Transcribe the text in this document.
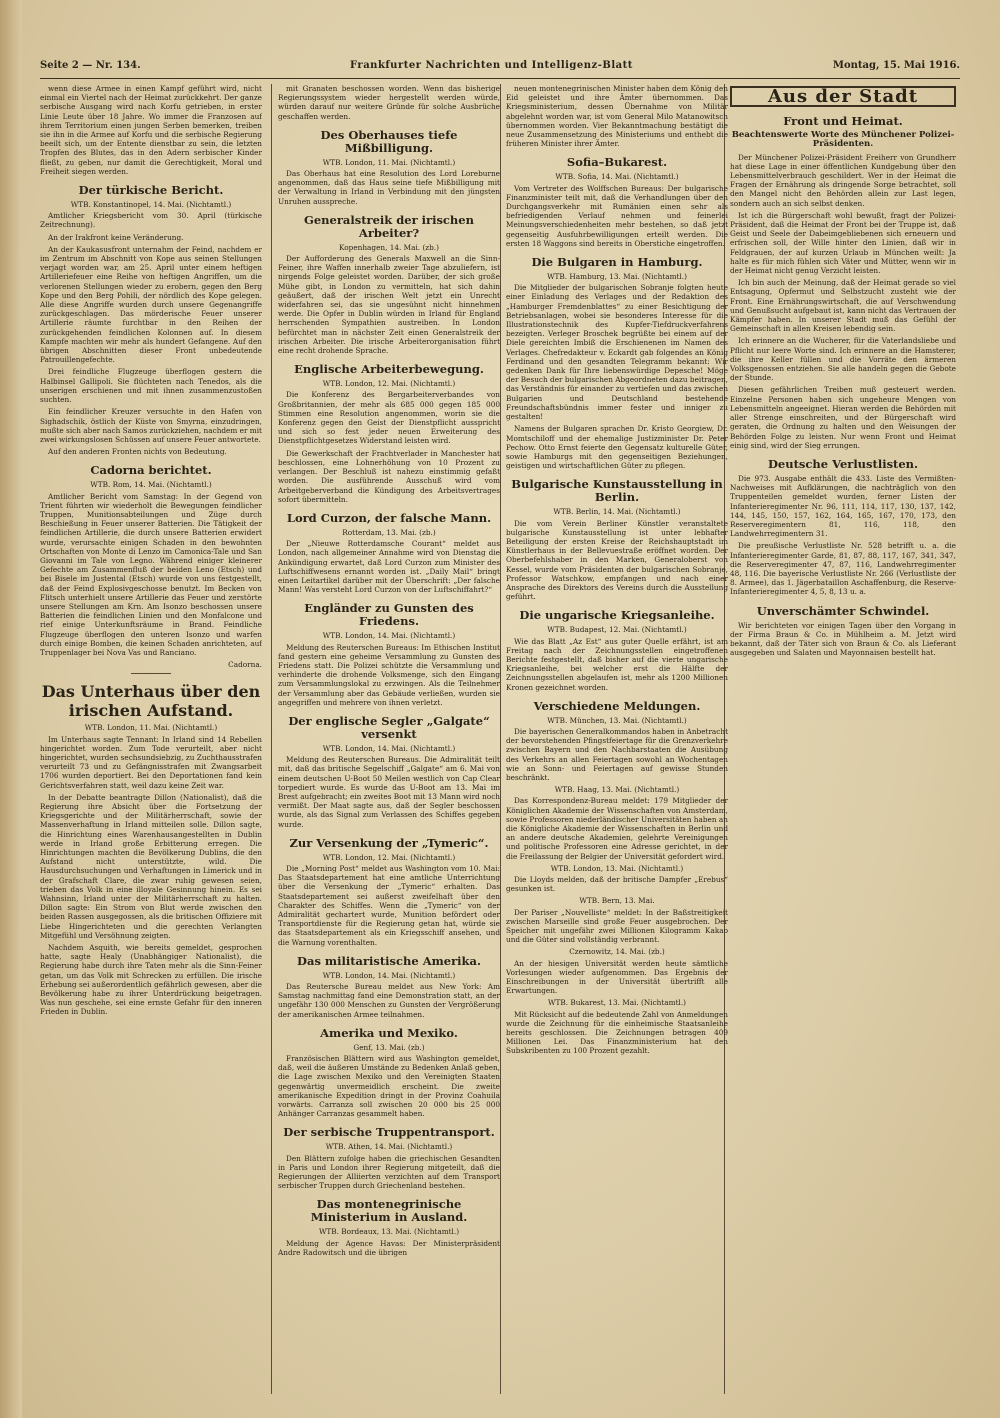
Seite 2 — Nr. 134.	Frankfurter Nachrichten und Intelligenz-Blatt	Montag, 15. Mai 1916.

wenn diese Armee in einen Kampf geführt wird, nicht einmal ein Viertel nach der Heimat zurückkehrt. Der ganze serbische Ausgang wird nach Korfu getrieben, in erster Linie Leute über 18 Jahre. Wo immer die Franzosen auf ihrem Territorium einen jungen Serben bemerken, treiben sie ihn in die Armee auf Korfu und die serbische Regierung beeilt sich, um der Entente dienstbar zu sein, die letzten Tropfen des Blutes, das in den Adern serbischer Kinder fließt, zu geben, nur damit die Gerechtigkeit, Moral und Freiheit siegen werden.

Der türkische Bericht.
WTB. Konstantinopel, 14. Mai. (Nichtamtl.)

Amtlicher Kriegsbericht vom 30. April (türkische Zeitrechnung).

An der Irakfront keine Veränderung.

An der Kaukasusfront unternahm der Feind, nachdem er im Zentrum im Abschnitt von Kope aus seinen Stellungen verjagt worden war, am 25. April unter einem heftigen Artilleriefeuer eine Reihe von heftigen Angriffen, um die verlorenen Stellungen wieder zu erobern, gegen den Berg Kope und den Berg Pohili, der nördlich des Kope gelegen. Alle diese Angriffe wurden durch unsere Gegenangriffe zurückgeschlagen. Das mörderische Feuer unserer Artillerie räumte furchtbar in den Reihen der zurückgehenden feindlichen Kolonnen auf. In diesem Kampfe machten wir mehr als hundert Gefangene. Auf den übrigen Abschnitten dieser Front unbedeutende Patrouillengefechte.

Drei feindliche Flugzeuge überflogen gestern die Halbinsel Gallipoli. Sie flüchteten nach Tenedos, als die unserigen erschienen und mit ihnen zusammenzustoßen suchten.

Ein feindlicher Kreuzer versuchte in den Hafen von Sighadschik, östlich der Küste von Smyrna, einzudringen, mußte sich aber nach Samos zurückziehen, nachdem er mit zwei wirkungslosen Schüssen auf unsere Feuer antwortete.

Auf den anderen Fronten nichts von Bedeutung.

Cadorna berichtet.
WTB. Rom, 14. Mai. (Nichtamtl.)

Amtlicher Bericht vom Samstag: In der Gegend von Trient führten wir wiederholt die Bewegungen feindlicher Truppen, Munitionsabteilungen und Züge durch Beschießung in Feuer unserer Batterien. Die Tätigkeit der feindlichen Artillerie, die durch unsere Batterien erwidert wurde, verursachte einigen Schaden in den bewohnten Ortschaften von Monte di Lenzo im Camonica-Tale und San Giovanni im Tale von Legno. Während einiger kleinerer Gefechte am Zusammenfluß der beiden Leno (Etsch) und bei Bisele im Justental (Etsch) wurde von uns festgestellt, daß der Feind Explosivgeschosse benutzt. Im Becken von Flitsch unterhielt unsere Artillerie das Feuer und zerstörte unsere Stellungen am Krn. Am Isonzo beschossen unsere Batterien die feindlichen Linien und den Monfalcone und rief einige Unterkunftsräume in Brand. Feindliche Flugzeuge überflogen den unteren Isonzo und warfen durch einige Bomben, die keinen Schaden anrichteten, auf Truppenlager bei Nova Vas und Ranciano.

Cadorna.

Das Unterhaus über den irischen Aufstand.
WTB. London, 11. Mai. (Nichtamtl.)

Im Unterhaus sagte Tennant: In Irland sind 14 Rebellen hingerichtet worden. Zum Tode verurteilt, aber nicht hingerichtet, wurden sechsundsiebzig, zu Zuchthausstrafen verurteilt 73 und zu Gefängnisstrafen mit Zwangsarbeit 1706 wurden deportiert. Bei den Deportationen fand kein Gerichtsverfahren statt, weil dazu keine Zeit war.

In der Debatte beantragte Dillon (Nationalist), daß die Regierung ihre Absicht über die Fortsetzung der Kriegsgerichte und der Militärherrschaft, sowie der Massenverhaftung in Irland mitteilen solle. Dillon sagte, die Hinrichtung eines Warenhausangestellten in Dublin werde in Irland große Erbitterung erregen. Die Hinrichtungen machten die Bevölkerung Dublins, die den Aufstand nicht unterstützte, wild. Die Hausdurchsuchungen und Verhaftungen in Limerick und in der Grafschaft Clare, die zwar ruhig gewesen seien, trieben das Volk in eine illoyale Gesinnung hinein. Es sei Wahnsinn, Irland unter der Militärherrschaft zu halten. Dillon sagte: Ein Strom von Blut werde zwischen den beiden Rassen ausgegossen, als die britischen Offiziere mit Liebe Hingerichteten und die gerechten Verlangten Mitgefühl und Versöhnung zeigten.

Nachdem Asquith, wie bereits gemeldet, gesprochen hatte, sagte Healy (Unabhängiger Nationalist), die Regierung habe durch ihre Taten mehr als die Sinn-Feiner getan, um das Volk mit Schrecken zu erfüllen. Die irische Erhebung sei außerordentlich gefährlich gewesen, aber die Bevölkerung habe zu ihrer Unterdrückung beigetragen. Was nun geschehe, sei eine ernste Gefahr für den inneren Frieden in Dublin.

mit Granaten beschossen worden. Wenn das bisherige Regierungssystem wieder hergestellt werden würde, würden darauf nur weitere Gründe für solche Ausbrüche geschaffen werden.

Des Oberhauses tiefe Mißbilligung.
WTB. London, 11. Mai. (Nichtamtl.)

Das Oberhaus hat eine Resolution des Lord Loreburne angenommen, daß das Haus seine tiefe Mißbilligung mit der Verwaltung in Irland in Verbindung mit den jüngsten Unruhen ausspreche.

Generalstreik der irischen Arbeiter?
Kopenhagen, 14. Mai. (zb.)

Der Aufforderung des Generals Maxwell an die Sinn-Feiner, ihre Waffen innerhalb zweier Tage abzuliefern, ist nirgends Folge geleistet worden. Darüber, der sich große Mühe gibt, in London zu vermitteln, hat sich dahin geäußert, daß der irischen Welt jetzt ein Unrecht widerfahren sei, das sie ungesühnt nicht hinnehmen werde. Die Opfer in Dublin würden in Irland für England herrschenden Sympathien austreiben. In London befürchtet man in nächster Zeit einen Generalstreik der irischen Arbeiter. Die irische Arbeiterorganisation führt eine recht drohende Sprache.

Englische Arbeiterbewegung.
WTB. London, 12. Mai. (Nichtamtl.)

Die Konferenz des Bergarbeiterverbandes von Großbritannien, der mehr als 685 000 gegen 185 000 Stimmen eine Resolution angenommen, worin sie die Konferenz gegen den Geist der Dienstpflicht ausspricht und sich so fest jeder neuen Erweiterung des Dienstpflichtgesetzes Widerstand leisten wird.

Die Gewerkschaft der Frachtverlader in Manchester hat beschlossen, eine Lohnerhöhung von 10 Prozent zu verlangen. Der Beschluß ist nahezu einstimmig gefaßt worden. Die ausführende Ausschuß wird vom Arbeitgeberverband die Kündigung des Arbeitsvertrages sofort übermitteln.

Lord Curzon, der falsche Mann.
Rotterdam, 13. Mai. (zb.)

Der „Nieuwe Rotterdamsche Courant“ meldet aus London, nach allgemeiner Annahme wird von Dienstag die Ankündigung erwartet, daß Lord Curzon zum Minister des Luftschiffwesens ernannt worden ist. „Daily Mail“ bringt einen Leitartikel darüber mit der Überschrift: „Der falsche Mann! Was versteht Lord Curzon von der Luftschiffahrt?“

Engländer zu Gunsten des Friedens.
WTB. London, 14. Mai. (Nichtamtl.)

Meldung des Reuterschen Bureaus: Im Ethischen Institut fand gestern eine geheime Versammlung zu Gunsten des Friedens statt. Die Polizei schützte die Versammlung und verhinderte die drohende Volksmenge, sich den Eingang zum Versammlungslokal zu erzwingen. Als die Teilnehmer der Versammlung aber das Gebäude verließen, wurden sie angegriffen und mehrere von ihnen verletzt.

Der englische Segler „Galgate“ versenkt
WTB. London, 14. Mai. (Nichtamtl.)

Meldung des Reuterschen Bureaus. Die Admiralität teilt mit, daß das britische Segelschiff „Galgate“ am 6. Mai von einem deutschen U-Boot 50 Meilen westlich von Cap Clear torpediert wurde. Es wurde das U-Boot am 13. Mai im Brest aufgebracht; ein zweites Boot mit 13 Mann wird noch vermißt. Der Maat sagte aus, daß der Segler beschossen wurde, als das Signal zum Verlassen des Schiffes gegeben wurde.

Zur Versenkung der „Tymeric“.
WTB. London, 12. Mai. (Nichtamtl.)

Die „Morning Post“ meldet aus Washington vom 10. Mai: Das Staatsdepartement hat eine amtliche Unterrichtung über die Versenkung der „Tymeric“ erhalten. Das Staatsdepartement sei außerst zweifelhaft über den Charakter des Schiffes. Wenn die „Tymeric“ von der Admiralität gechartert wurde, Munition befördert oder Transportdienste für die Regierung getan hat, würde sie das Staatsdepartement als ein Kriegsschiff ansehen, und die Warnung vorenthalten.

Das militaristische Amerika.
WTB. London, 14. Mai. (Nichtamtl.)

Das Reutersche Bureau meldet aus New York: Am Samstag nachmittag fand eine Demonstration statt, an der ungefähr 130 000 Menschen zu Gunsten der Vergrößerung der amerikanischen Armee teilnahmen.

Amerika und Mexiko.
Genf, 13. Mai. (zb.)

Französischen Blättern wird aus Washington gemeldet, daß, weil die äußeren Umstände zu Bedenken Anlaß geben, die Lage zwischen Mexiko und den Vereinigten Staaten gegenwärtig unvermeidlich erscheint. Die zweite amerikanische Expedition dringt in der Provinz Coahuila vorwärts. Carranza soll zwischen 20 000 bis 25 000 Anhänger Carranzas gesammelt haben.

Der serbische Truppentransport.
WTB. Athen, 14. Mai. (Nichtamtl.)

Den Blättern zufolge haben die griechischen Gesandten in Paris und London ihrer Regierung mitgeteilt, daß die Regierungen der Alliierten verzichten auf dem Transport serbischer Truppen durch Griechenland bestehen.

Das montenegrinische Ministerium in Ausland.
WTB. Bordeaux, 13. Mai. (Nichtamtl.)

Meldung der Agence Havas: Der Ministerpräsident Andre Radowitsch und die übrigen

neuen montenegrinischen Minister haben dem König den Eid geleistet und ihre Ämter übernommen. Das Kriegsministerium, dessen Übernahme von Militär abgelehnt worden war, ist vom General Milo Matanowitsch übernommen worden. Vier Bekanntmachung bestätigt die neue Zusammensetzung des Ministeriums und enthebt die früheren Minister ihrer Ämter.

Sofia–Bukarest.
WTB. Sofia, 14. Mai. (Nichtamtl.)

Vom Vertreter des Wolffschen Bureaus: Der bulgarische Finanzminister teilt mit, daß die Verhandlungen über den Durchgangsverkehr mit Rumänien einen sehr als befriedigenden Verlauf nehmen und feinerlei Meinungsverschiedenheiten mehr bestehen, so daß jetzt gegenseitig Ausfuhrbewilligungen erteilt werden. Die ersten 18 Waggons sind bereits in Oberstiche eingetroffen.

Die Bulgaren in Hamburg.
WTB. Hamburg, 13. Mai. (Nichtamtl.)

Die Mitglieder der bulgarischen Sobranje folgten heute einer Einladung des Verlages und der Redaktion des „Hamburger Fremdenblattes“ zu einer Besichtigung der Betriebsanlagen, wobei sie besonderes Interesse für die Illustrationstechnik des Kupfer-Tiefdruckverfahrens bezeigten. Verleger Broschek begrüßte bei einem auf der Diele gereichten Imbiß die Erschienenen im Namen des Verlages. Chefredakteur v. Eckardt gab folgendes an König Ferdinand und den gesandten Telegramm bekannt: Wir gedenken Dank für Ihre liebenswürdige Depesche! Möge der Besuch der bulgarischen Abgeordneten dazu beitragen, das Verständnis für einander zu vertiefen und das zwischen Bulgarien und Deutschland bestehende Freundschaftsbündnis immer fester und inniger zu gestalten!

Namens der Bulgaren sprachen Dr. Kristo Georgiew, Dr. Momtschiloff und der ehemalige Justizminister Dr. Peter Pechow. Otto Ernst feierte den Gegensatz kulturelle Güter, sowie Hamburgs mit den gegenseitigen Beziehungen, geistigen und wirtschaftlichen Güter zu pflegen.

Bulgarische Kunstausstellung in Berlin.
WTB. Berlin, 14. Mai. (Nichtamtl.)

Die vom Verein Berliner Künstler veranstaltete bulgarische Kunstausstellung ist unter lebhafter Beteiligung der ersten Kreise der Reichshauptstadt im Künstlerhaus in der Bellevuestraße eröffnet worden. Der Oberbefehlshaber in den Marken, Generaloberst von Kessel, wurde vom Präsidenten der bulgarischen Sobranje, Professor Watschkow, empfangen und nach einer Ansprache des Direktors des Vereins durch die Ausstellung geführt.

Die ungarische Kriegsanleihe.
WTB. Budapest, 12. Mai. (Nichtamtl.)

Wie das Blatt „Az Est“ aus guter Quelle erfährt, ist am Freitag nach der Zeichnungsstellen eingetroffenen Berichte festgestellt, daß bisher auf die vierte ungarische Kriegsanleihe, bei welcher erst die Hälfte der Zeichnungsstellen abgelaufen ist, mehr als 1200 Millionen Kronen gezeichnet worden.

Verschiedene Meldungen.
WTB. München, 13. Mai. (Nichtamtl.)

Die bayerischen Generalkommandos haben in Anbetracht der bevorstehenden Pfingstfeiertage für die Grenzverkehre zwischen Bayern und den Nachbarstaaten die Ausübung des Verkehrs an allen Feiertagen sowohl an Wochentagen wie an Sonn- und Feiertagen auf gewisse Stunden beschränkt.

WTB. Haag, 13. Mai. (Nichtamtl.)

Das Korrespondenz-Bureau meldet: 179 Mitglieder der Königlichen Akademie der Wissenschaften von Amsterdam, sowie Professoren niederländischer Universitäten haben an die Königliche Akademie der Wissenschaften in Berlin und an andere deutsche Akademien, gelehrte Vereinigungen und politische Professoren eine Adresse gerichtet, in der die Freilassung der Belgier der Universität gefordert wird.

WTB. London, 13. Mai. (Nichtamtl.)

Die Lloyds melden, daß der britische Dampfer „Erebus“ gesunken ist.

WTB. Bern, 13. Mai.

Der Pariser „Nouvelliste“ meldet: In der Baßstreitigkeit zwischen Marseille sind große Feuer ausgebrochen. Der Speicher mit ungefähr zwei Millionen Kilogramm Kakao und die Güter sind vollständig verbrannt.

Czernowitz, 14. Mai. (zb.)

An der hiesigen Universität werden heute sämtliche Vorlesungen wieder aufgenommen. Das Ergebnis der Einschreibungen in der Universität übertrifft alle Erwartungen.

WTB. Bukarest, 13. Mai. (Nichtamtl.)

Mit Rücksicht auf die bedeutende Zahl von Anmeldungen wurde die Zeichnung für die einheimische Staatsanleihe bereits geschlossen. Die Zeichnungen betragen 409 Millionen Lei. Das Finanzministerium hat den Subskribenten zu 100 Prozent gezahlt.

Aus der Stadt
Front und Heimat.
Beachtenswerte Worte des Münchener Polizei-Präsidenten.

Der Münchener Polizei-Präsident Freiherr von Grundherr hat diese Lage in einer öffentlichen Kundgebung über den Lebensmittelverbrauch geschildert. Wer in der Heimat die Fragen der Ernährung als dringende Sorge betrachtet, soll den Mangel nicht den Behörden allein zur Last legen, sondern auch an sich selbst denken.

Ist ich die Bürgerschaft wohl bewußt, fragt der Polizei-Präsident, daß die Heimat der Front bei der Truppe ist, daß Geist und Seele der Dabeimgebliebenen sich erneuern und erfrischen soll, der Wille hinter den Linien, daß wir in Feldgrauen, der auf kurzen Urlaub in München weilt: Ja halte es für mich fühlen sich Väter und Mütter, wenn wir in der Heimat nicht genug Verzicht leisten.

Ich bin auch der Meinung, daß der Heimat gerade so viel Entsagung, Opfermut und Selbstzucht zusteht wie der Front. Eine Ernährungswirtschaft, die auf Verschwendung und Genußsucht aufgebaut ist, kann nicht das Vertrauen der Kämpfer haben. In unserer Stadt muß das Gefühl der Gemeinschaft in allen Kreisen lebendig sein.

Ich erinnere an die Wucherer, für die Vaterlandsliebe und Pflicht nur leere Worte sind. Ich erinnere an die Hamsterer, die ihre Keller füllen und die Vorräte den ärmeren Volksgenossen entziehen. Sie alle handeln gegen die Gebote der Stunde.

Diesen gefährlichen Treiben muß gesteuert werden. Einzelne Personen haben sich ungeheure Mengen von Lebensmitteln angeeignet. Hieran werden die Behörden mit aller Strenge einschreiten, und der Bürgerschaft wird geraten, die Ordnung zu halten und den Weisungen der Behörden Folge zu leisten. Nur wenn Front und Heimat einig sind, wird der Sieg errungen.

Deutsche Verlustlisten.

Die 973. Ausgabe enthält die 433. Liste des Vermißten-Nachweises mit Aufklärungen, die nachträglich von den Truppenteilen gemeldet wurden, ferner Listen der Infanterieregimenter Nr. 96, 111, 114, 117, 130, 137, 142, 144, 145, 150, 157, 162, 164, 165, 167, 170, 173, den Reserveregimentern 81, 116, 118, den Landwehrregimentern 31.

Die preußische Verlustliste Nr. 528 betrifft u. a. die Infanterieregimenter Garde, 81, 87, 88, 117, 167, 341, 347, die Reserveregimenter 47, 87, 116, Landwehrregimenter 48, 116. Die bayerische Verlustliste Nr. 266 (Verlustliste der 8. Armee), das 1. Jägerbataillon Aschaffenburg, die Reserve-Infanterieregimenter 4, 5, 8, 13 u. a.

Unverschämter Schwindel.

Wir berichteten vor einigen Tagen über den Vorgang in der Firma Braun & Co. in Mühlheim a. M. Jetzt wird bekannt, daß der Täter sich von Braun & Co. als Lieferant ausgegeben und Salaten und Mayonnaisen bestellt hat.
